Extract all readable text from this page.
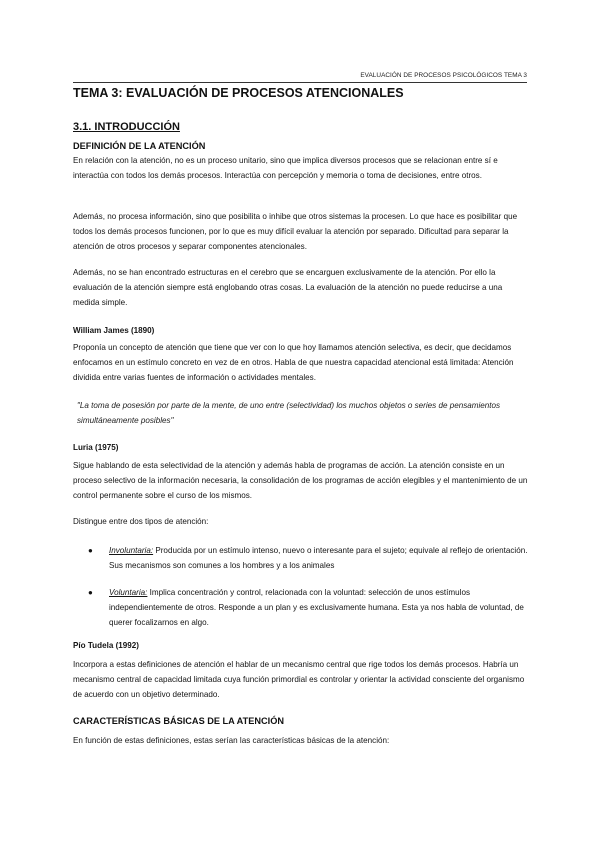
EVALUACIÓN DE PROCESOS PSICOLÓGICOS TEMA 3
TEMA 3: EVALUACIÓN DE PROCESOS ATENCIONALES
3.1. INTRODUCCIÓN
DEFINICIÓN DE LA ATENCIÓN
En relación con la atención, no es un proceso unitario, sino que implica diversos procesos que se relacionan entre sí e interactúa con todos los demás procesos. Interactúa con percepción y memoria o toma de decisiones, entre otros.
Además, no procesa información, sino que posibilita o inhibe que otros sistemas la procesen. Lo que hace es posibilitar que todos los demás procesos funcionen, por lo que es muy difícil evaluar la atención por separado. Dificultad para separar la atención de otros procesos y separar componentes atencionales.
Además, no se han encontrado estructuras en el cerebro que se encarguen exclusivamente de la atención. Por ello la evaluación de la atención siempre está englobando otras cosas. La evaluación de la atención no puede reducirse a una medida simple.
William James (1890)
Proponía un concepto de atención que tiene que ver con lo que hoy llamamos atención selectiva, es decir, que decidamos enfocamos en un estímulo concreto en vez de en otros. Habla de que nuestra capacidad atencional está limitada: Atención dividida entre varias fuentes de información o actividades mentales.
"La toma de posesión por parte de la mente, de uno entre (selectividad) los muchos objetos o series de pensamientos simultáneamente posibles"
Luria (1975)
Sigue hablando de esta selectividad de la atención y además habla de programas de acción. La atención consiste en un proceso selectivo de la información necesaria, la consolidación de los programas de acción elegibles y el mantenimiento de un control permanente sobre el curso de los mismos.
Distingue entre dos tipos de atención:
● Involuntaria: Producida por un estímulo intenso, nuevo o interesante para el sujeto; equivale al reflejo de orientación. Sus mecanismos son comunes a los hombres y a los animales
● Voluntaria: Implica concentración y control, relacionada con la voluntad: selección de unos estímulos independientemente de otros. Responde a un plan y es exclusivamente humana. Esta ya nos habla de voluntad, de querer focalizarnos en algo.
Pío Tudela (1992)
Incorpora a estas definiciones de atención el hablar de un mecanismo central que rige todos los demás procesos. Habría un mecanismo central de capacidad limitada cuya función primordial es controlar y orientar la actividad consciente del organismo de acuerdo con un objetivo determinado.
CARACTERÍSTICAS BÁSICAS DE LA ATENCIÓN
En función de estas definiciones, estas serían las características básicas de la atención:
